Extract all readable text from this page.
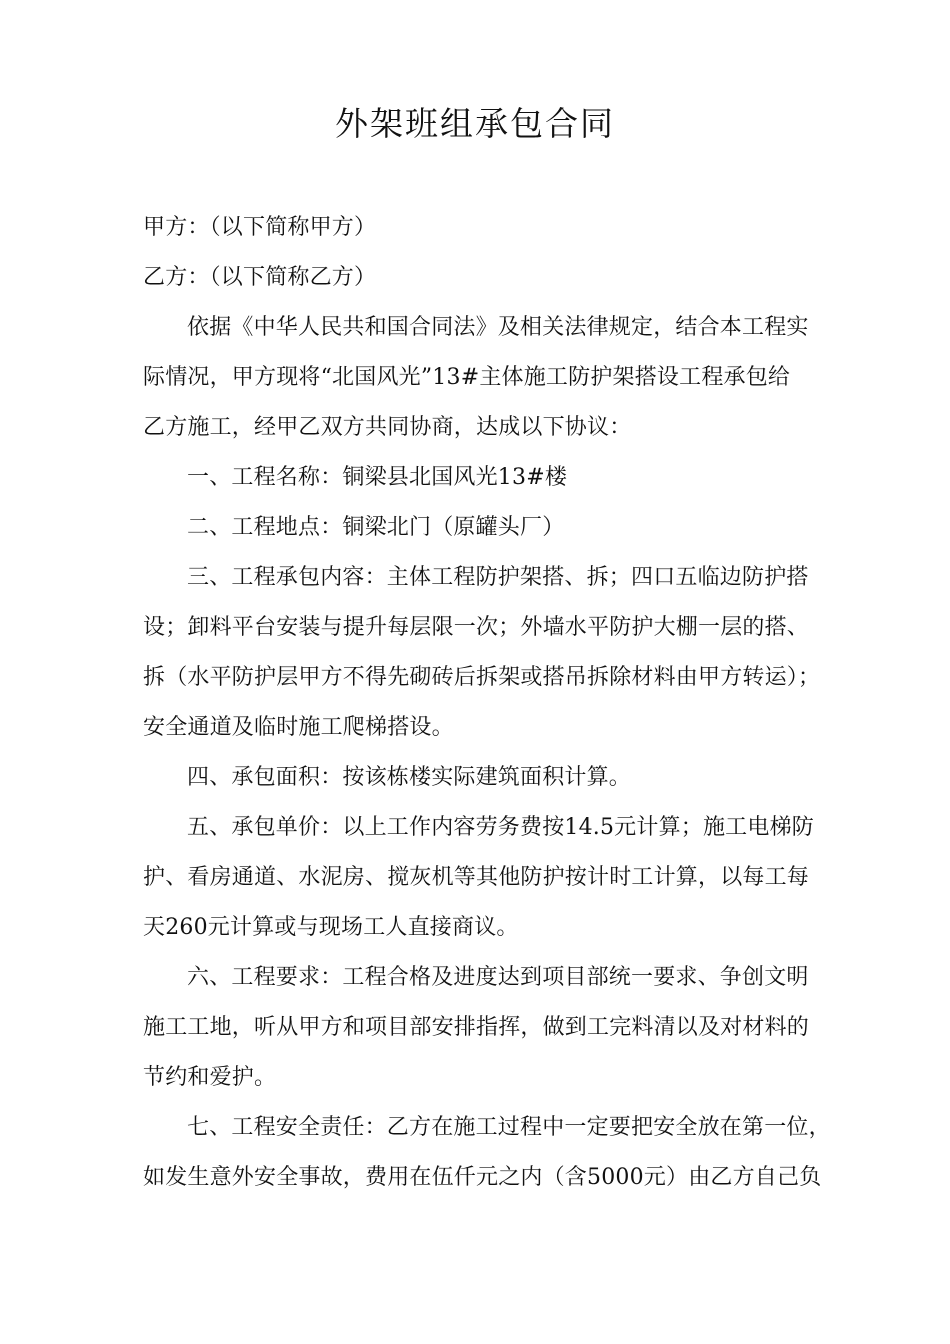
外架班组承包合同
甲方：（以下简称甲方）
乙方：（以下简称乙方）
依据《中华人民共和国合同法》及相关法律规定，结合本工程实
际情况，甲方现将“北国风光”13#主体施工防护架搭设工程承包给
乙方施工，经甲乙双方共同协商，达成以下协议：
一、工程名称：铜梁县北国风光13#楼
二、工程地点：铜梁北门（原罐头厂）
三、工程承包内容：主体工程防护架搭、拆；四口五临边防护搭
设；卸料平台安装与提升每层限一次；外墙水平防护大棚一层的搭、
拆（水平防护层甲方不得先砌砖后拆架或搭吊拆除材料由甲方转运）；
安全通道及临时施工爬梯搭设。
四、承包面积：按该栋楼实际建筑面积计算。
五、承包单价：以上工作内容劳务费按14.5元计算；施工电梯防
护、看房通道、水泥房、搅灰机等其他防护按计时工计算，以每工每
天260元计算或与现场工人直接商议。
六、工程要求：工程合格及进度达到项目部统一要求、争创文明
施工工地，听从甲方和项目部安排指挥，做到工完料清以及对材料的
节约和爱护。
七、工程安全责任：乙方在施工过程中一定要把安全放在第一位，
如发生意外安全事故，费用在伍仟元之内（含5000元）由乙方自己负
